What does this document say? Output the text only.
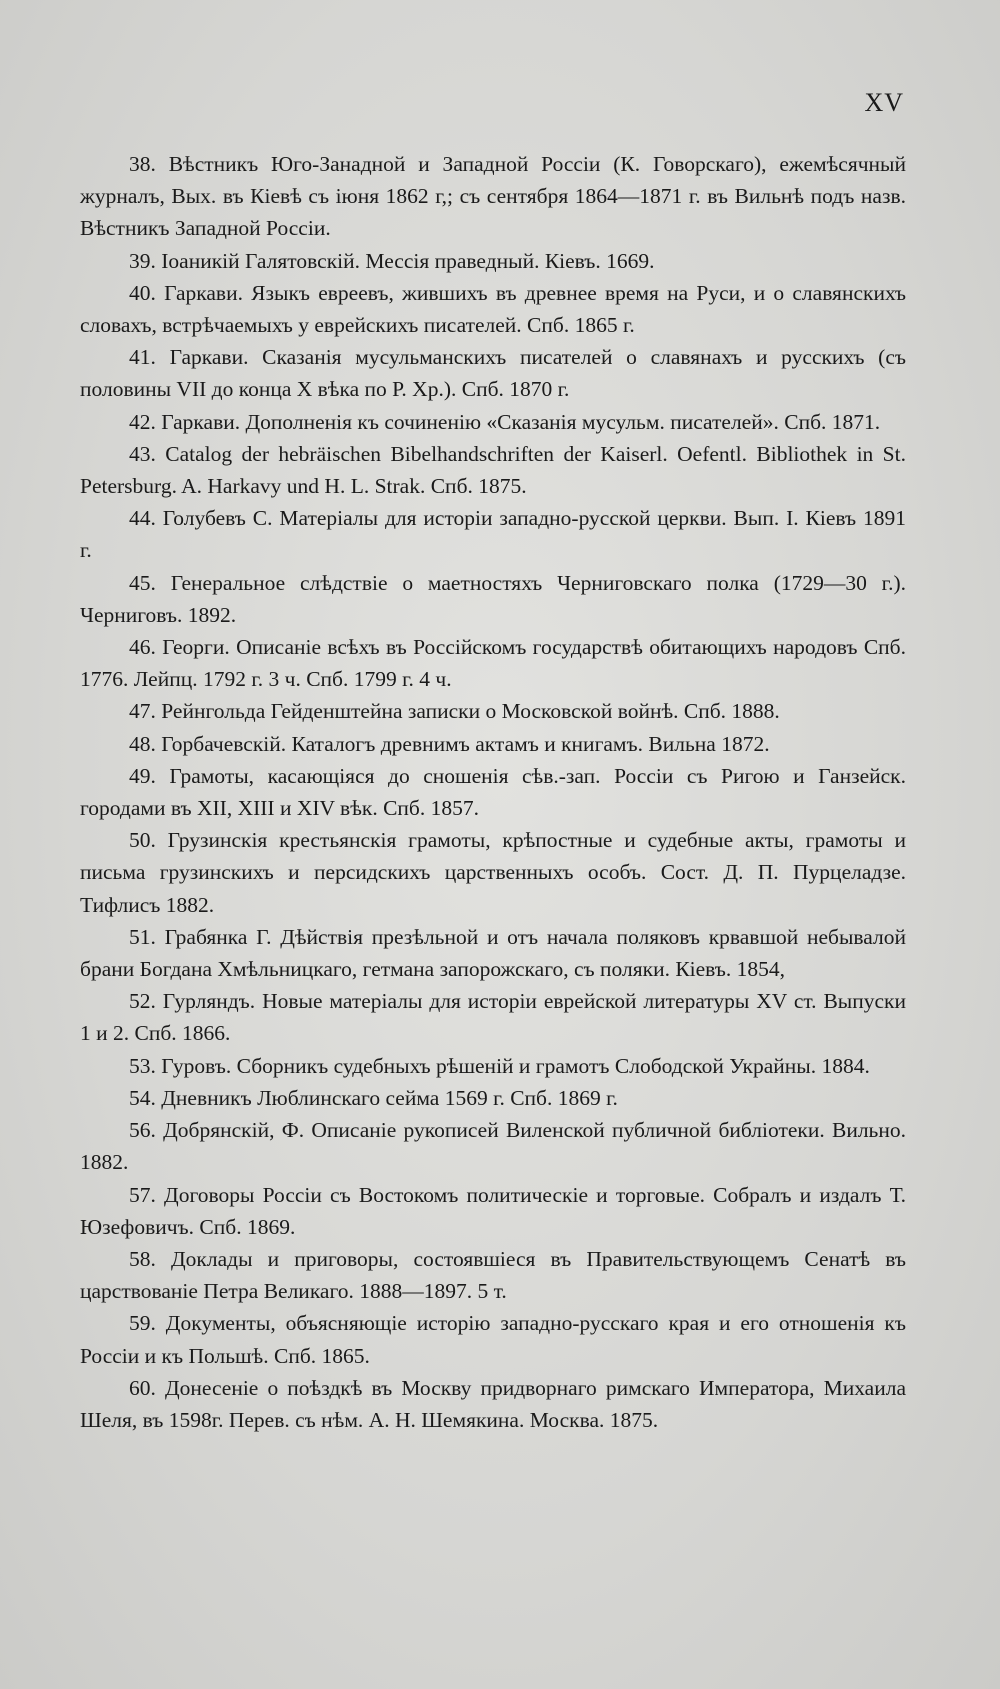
XV

38. Вѣстникъ Юго-Занадной и Западной Россіи (К. Говорскаго), ежемѣсячный журналъ, Вых. въ Кіевѣ съ іюня 1862 г,; съ сентября 1864—1871 г. въ Вильнѣ подъ назв. Вѣстникъ Западной Россіи.

39. Іоаникій Галятовскій. Мессія праведный. Кіевъ. 1669.

40. Гаркави. Языкъ евреевъ, жившихъ въ древнее время на Руси, и о славянскихъ словахъ, встрѣчаемыхъ у еврейскихъ писателей. Спб. 1865 г.

41. Гаркави. Сказанія мусульманскихъ писателей о славянахъ и русскихъ (съ половины VII до конца X вѣка по Р. Хр.). Спб. 1870 г.

42. Гаркави. Дополненія къ сочиненію «Сказанія мусульм. писателей». Спб. 1871.

43. Catalog der hebräischen Bibelhandschriften der Kaiserl. Oefentl. Bibliothek in St. Petersburg. A. Harkavy und H. L. Strak. Спб. 1875.

44. Голубевъ С. Матеріалы для исторіи западно-русской церкви. Вып. I. Кіевъ 1891 г.

45. Генеральное слѣдствіе о маетностяхъ Черниговскаго полка (1729—30 г.). Черниговъ. 1892.

46. Георги. Описаніе всѣхъ въ Россійскомъ государствѣ обитающихъ народовъ Спб. 1776. Лейпц. 1792 г. 3 ч. Спб. 1799 г. 4 ч.

47. Рейнгольда Гейденштейна записки о Московской войнѣ. Спб. 1888.

48. Горбачевскій. Каталогъ древнимъ актамъ и книгамъ. Вильна 1872.

49. Грамоты, касающіяся до сношенія сѣв.-зап. Россіи съ Ригою и Ганзейск. городами въ XII, XIII и XIV вѣк. Спб. 1857.

50. Грузинскія крестьянскія грамоты, крѣпостные и судебные акты, грамоты и письма грузинскихъ и персидскихъ царственныхъ особъ. Сост. Д. П. Пурцеладзе. Тифлисъ 1882.

51. Грабянка Г. Дѣйствія презѣльной и отъ начала поляковъ крвавшой небывалой брани Богдана Хмѣльницкаго, гетмана запорожскаго, съ поляки. Кіевъ. 1854,

52. Гурляндъ. Новые матеріалы для исторіи еврейской литературы XV ст. Выпуски 1 и 2. Спб. 1866.

53. Гуровъ. Сборникъ судебныхъ рѣшеній и грамотъ Слободской Украйны. 1884.

54. Дневникъ Люблинскаго сейма 1569 г. Спб. 1869 г.

56. Добрянскій, Ф. Описаніе рукописей Виленской публичной библіотеки. Вильно. 1882.

57. Договоры Россіи съ Востокомъ политическіе и торговые. Собралъ и издалъ Т. Юзефовичъ. Спб. 1869.

58. Доклады и приговоры, состоявшіеся въ Правительствующемъ Сенатѣ въ царствованіе Петра Великаго. 1888—1897. 5 т.

59. Документы, объясняющіе исторію западно-русскаго края и его отношенія къ Россіи и къ Польшѣ. Спб. 1865.

60. Донесеніе о поѣздкѣ въ Москву придворнаго римскаго Императора, Михаила Шеля, въ 1598г. Перев. съ нѣм. А. Н. Шемякина. Москва. 1875.
